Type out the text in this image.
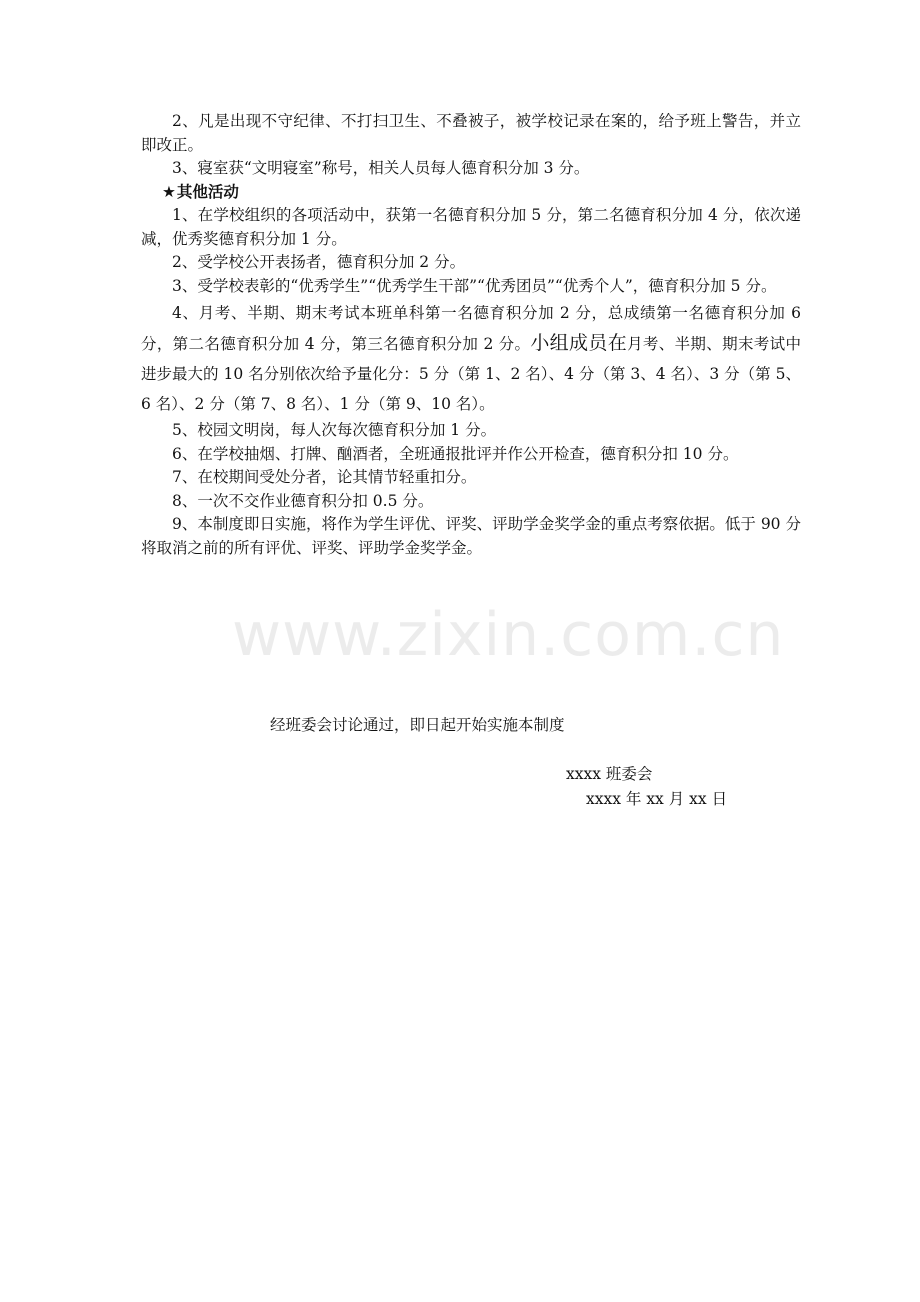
2、凡是出现不守纪律、不打扫卫生、不叠被子，被学校记录在案的，给予班上警告，并立即改正。

3、寝室获“文明寝室”称号，相关人员每人德育积分加 3 分。

★其他活动

1、在学校组织的各项活动中，获第一名德育积分加 5 分，第二名德育积分加 4 分，依次递减，优秀奖德育积分加 1 分。

2、受学校公开表扬者，德育积分加 2 分。

3、受学校表彰的“优秀学生”“优秀学生干部”“优秀团员”“优秀个人”，德育积分加 5 分。

4、月考、半期、期末考试本班单科第一名德育积分加 2 分，总成绩第一名德育积分加 6 分，第二名德育积分加 4 分，第三名德育积分加 2 分。小组成员在月考、半期、期末考试中进步最大的 10 名分别依次给予量化分：5 分（第 1、2 名）、4 分（第 3、4 名）、3 分（第 5、6 名）、2 分（第 7、8 名）、1 分（第 9、10 名）。

5、校园文明岗，每人次每次德育积分加 1 分。

6、在学校抽烟、打牌、酗酒者，全班通报批评并作公开检查，德育积分扣 10 分。

7、在校期间受处分者，论其情节轻重扣分。

8、一次不交作业德育积分扣 0.5 分。

9、本制度即日实施，将作为学生评优、评奖、评助学金奖学金的重点考察依据。低于 90 分将取消之前的所有评优、评奖、评助学金奖学金。

www.zixin.com.cn
经班委会讨论通过，即日起开始实施本制度
xxxx 班委会
xxxx 年 xx 月 xx 日
